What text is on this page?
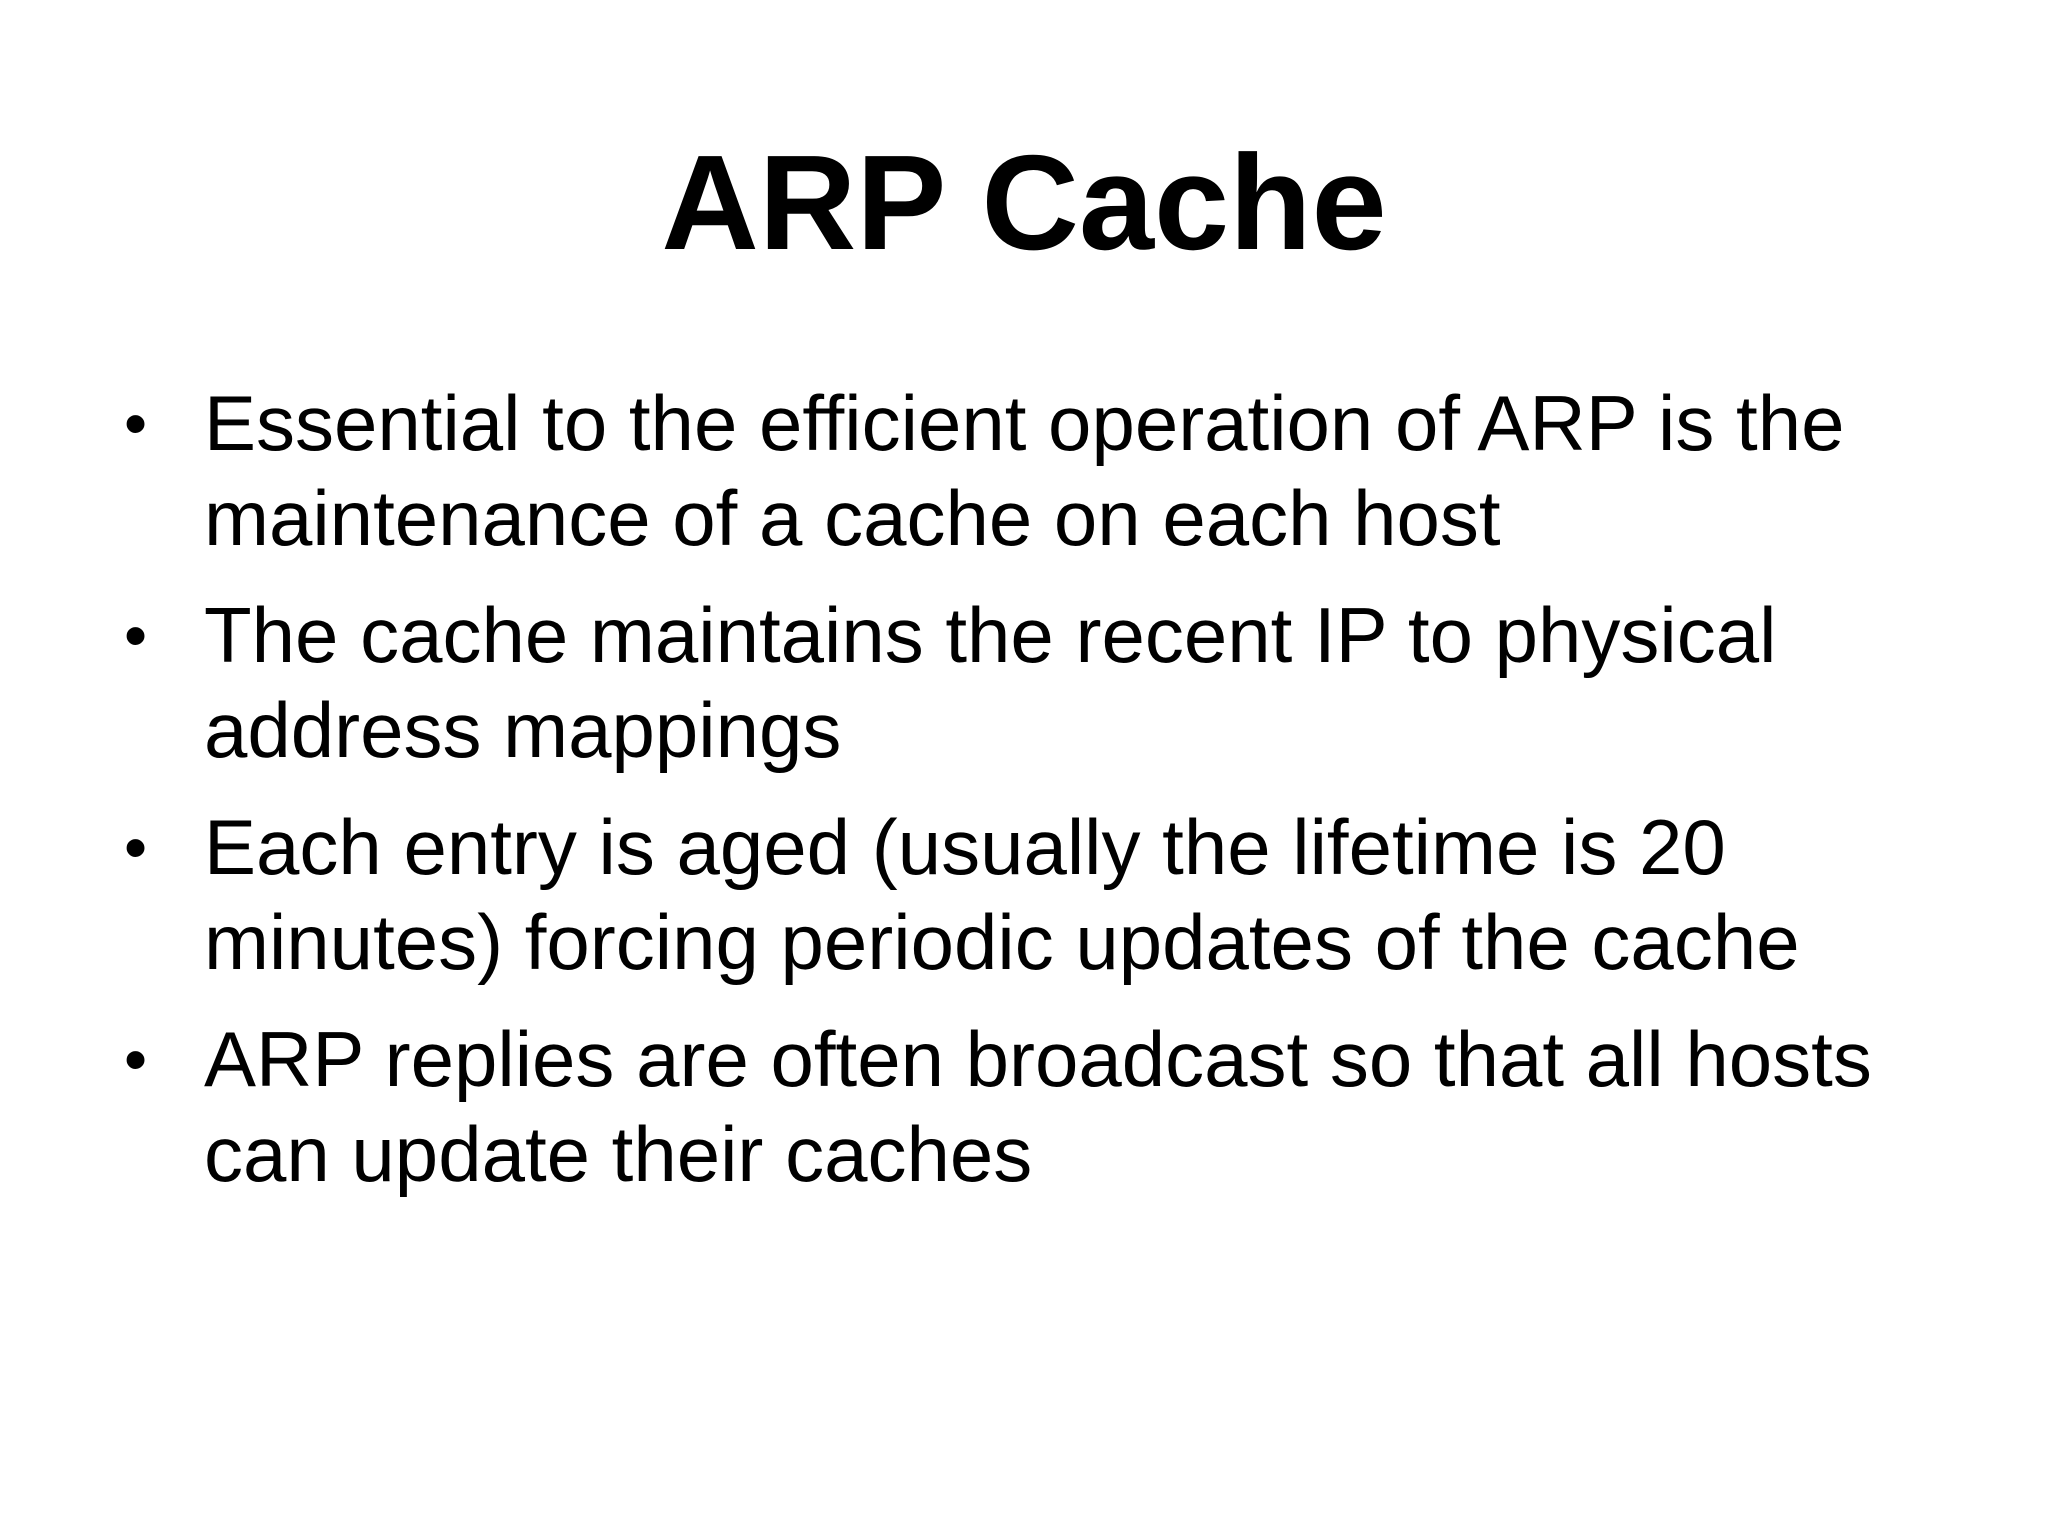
ARP Cache
• Essential to the efficient operation of ARP is the maintenance of a cache on each host
• The cache maintains the recent IP to physical address mappings
• Each entry is aged (usually the lifetime is 20 minutes) forcing periodic updates of the cache
• ARP replies are often broadcast so that all hosts can update their caches
